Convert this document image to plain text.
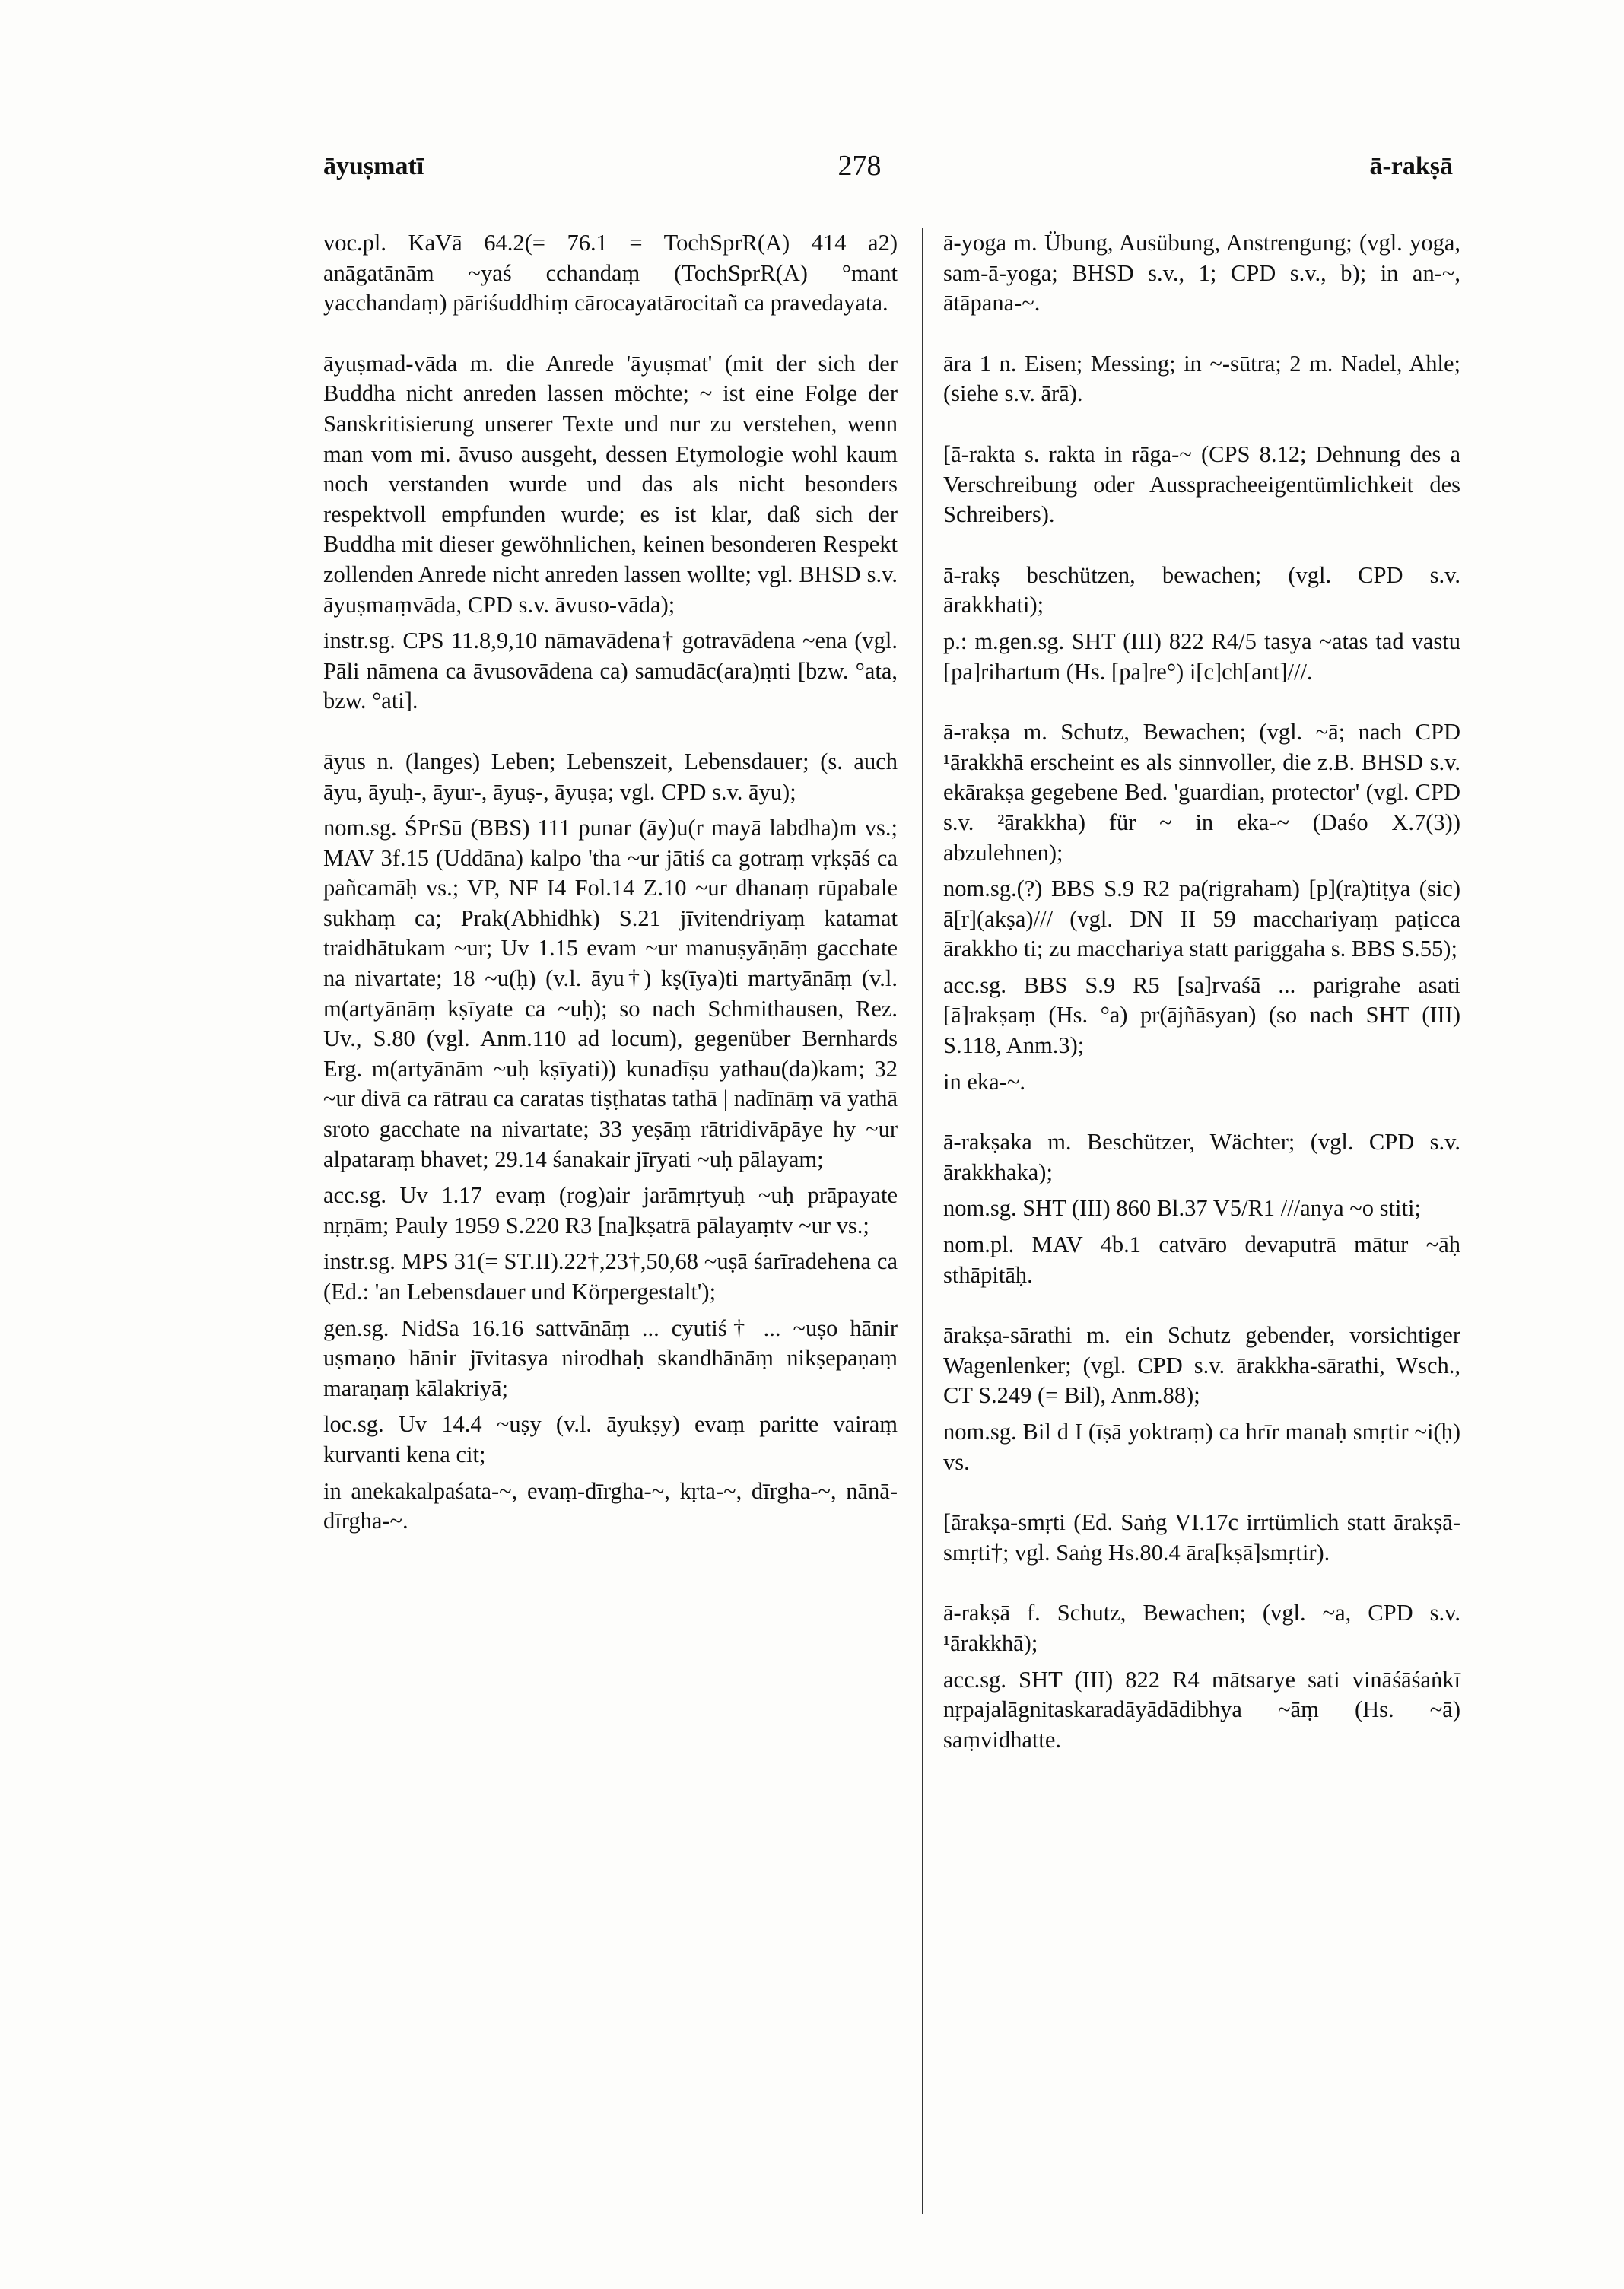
āyuṣmatī	278	ā-rakṣā

voc.pl. KaVā 64.2(= 76.1 = TochSprR(A) 414 a2) anāgatānām ~yaś cchandaṃ (TochSprR(A) °mant yacchandaṃ) pāriśuddhiṃ cārocayatārocitañ ca pravedayata.

āyuṣmad-vāda m. die Anrede 'āyuṣmat' (mit der sich der Buddha nicht anreden lassen möchte; ~ ist eine Folge der Sanskritisierung unserer Texte und nur zu verstehen, wenn man vom mi. āvuso ausgeht, dessen Etymologie wohl kaum noch verstanden wurde und das als nicht besonders respektvoll empfunden wurde; es ist klar, daß sich der Buddha mit dieser gewöhnlichen, keinen besonderen Respekt zollenden Anrede nicht anreden lassen wollte; vgl. BHSD s.v. āyuṣmaṃvāda, CPD s.v. āvuso-vāda);

instr.sg. CPS 11.8,9,10 nāmavādena† gotravādena ~ena (vgl. Pāli nāmena ca āvusovādena ca) samudāc(ara)ṃti [bzw. °ata, bzw. °ati].

āyus n. (langes) Leben; Lebenszeit, Lebensdauer; (s. auch āyu, āyuḥ-, āyur-, āyuṣ-, āyuṣa; vgl. CPD s.v. āyu);

nom.sg. ŚPrSū (BBS) 111 punar (āy)u(r mayā labdha)m vs.; MAV 3f.15 (Uddāna) kalpo 'tha ~ur jātiś ca gotraṃ vṛkṣāś ca pañcamāḥ vs.; VP, NF I4 Fol.14 Z.10 ~ur dhanaṃ rūpabale sukhaṃ ca; Prak(Abhidhk) S.21 jīvitendriyaṃ katamat traidhātukam ~ur; Uv 1.15 evam ~ur manuṣyāṇāṃ gacchate na nivartate; 18 ~u(ḥ) (v.l. āyu†) kṣ(īya)ti martyānāṃ (v.l. m(artyānāṃ kṣīyate ca ~uḥ); so nach Schmithausen, Rez. Uv., S.80 (vgl. Anm.110 ad locum), gegenüber Bernhards Erg. m(artyānām ~uḥ kṣīyati)) kunadīṣu yathau(da)kam; 32 ~ur divā ca rātrau ca caratas tiṣṭhatas tathā | nadīnāṃ vā yathā sroto gacchate na nivartate; 33 yeṣāṃ rātridivāpāye hy ~ur alpataraṃ bhavet; 29.14 śanakair jīryati ~uḥ pālayam;

acc.sg. Uv 1.17 evaṃ (rog)air jarāmṛtyuḥ ~uḥ prāpayate nṛṇām; Pauly 1959 S.220 R3 [na]kṣatrā pālayaṃtv ~ur vs.;

instr.sg. MPS 31(= ST.II).22†,23†,50,68 ~uṣā śarīradehena ca (Ed.: 'an Lebensdauer und Körpergestalt');

gen.sg. NidSa 16.16 sattvānāṃ ... cyutiś† ... ~uṣo hānir uṣmaṇo hānir jīvitasya nirodhaḥ skandhānāṃ nikṣepaṇaṃ maraṇaṃ kālakriyā;

loc.sg. Uv 14.4 ~uṣy (v.l. āyukṣy) evaṃ paritte vairaṃ kurvanti kena cit;

in anekakalpaśata-~, evaṃ-dīrgha-~, kṛta-~, dīrgha-~, nānā-dīrgha-~.

ā-yoga m. Übung, Ausübung, Anstrengung; (vgl. yoga, sam-ā-yoga; BHSD s.v., 1; CPD s.v., b); in an-~, ātāpana-~.

āra 1 n. Eisen; Messing; in ~-sūtra; 2 m. Nadel, Ahle; (siehe s.v. ārā).

[ā-rakta s. rakta in rāga-~ (CPS 8.12; Dehnung des a Verschreibung oder Aussprachееigentümlichkeit des Schreibers).

ā-rakṣ beschützen, bewachen; (vgl. CPD s.v. ārakkhati);

p.: m.gen.sg. SHT (III) 822 R4/5 tasya ~atas tad vastu [pa]rihartum (Hs. [pa]re°) i[c]ch[ant]///.

ā-rakṣa m. Schutz, Bewachen; (vgl. ~ā; nach CPD ¹ārakkhā erscheint es als sinnvoller, die z.B. BHSD s.v. ekārakṣa gegebene Bed. 'guardian, protector' (vgl. CPD s.v. ²ārakkha) für ~ in eka-~ (Daśo X.7(3)) abzulehnen);

nom.sg.(?) BBS S.9 R2 pa(rigraham) [p](ra)tiṭya (sic) ā[r](akṣa)/// (vgl. DN II 59 macchariyaṃ paṭicca ārakkho ti; zu macchariya statt pariggaha s. BBS S.55);

acc.sg. BBS S.9 R5 [sa]rvaśā ... parigrahe asati [ā]rakṣaṃ (Hs. °a) pr(ājñāsyan) (so nach SHT (III) S.118, Anm.3);

in eka-~.

ā-rakṣaka m. Beschützer, Wächter; (vgl. CPD s.v. ārakkhaka);

nom.sg. SHT (III) 860 Bl.37 V5/R1 ///anya ~o stiti;

nom.pl. MAV 4b.1 catvāro devaputrā mātur ~āḥ sthāpitāḥ.

ārakṣa-sārathi m. ein Schutz gebender, vorsichtiger Wagenlenker; (vgl. CPD s.v. ārakkha-sārathi, Wsch., CT S.249 (= Bil), Anm.88);

nom.sg. Bil d I (īṣā yoktraṃ) ca hrīr manaḥ smṛtir ~i(ḥ) vs.

[ārakṣa-smṛti (Ed. Saṅg VI.17c irrtümlich statt ārakṣā-smṛti†; vgl. Saṅg Hs.80.4 āra[kṣā]smṛtir).

ā-rakṣā f. Schutz, Bewachen; (vgl. ~a, CPD s.v. ¹ārakkhā);

acc.sg. SHT (III) 822 R4 mātsarye sati vināśāśaṅkī nṛpajalāgnitaskaradāyādādibhya ~āṃ (Hs. ~ā) saṃvidhatte.
